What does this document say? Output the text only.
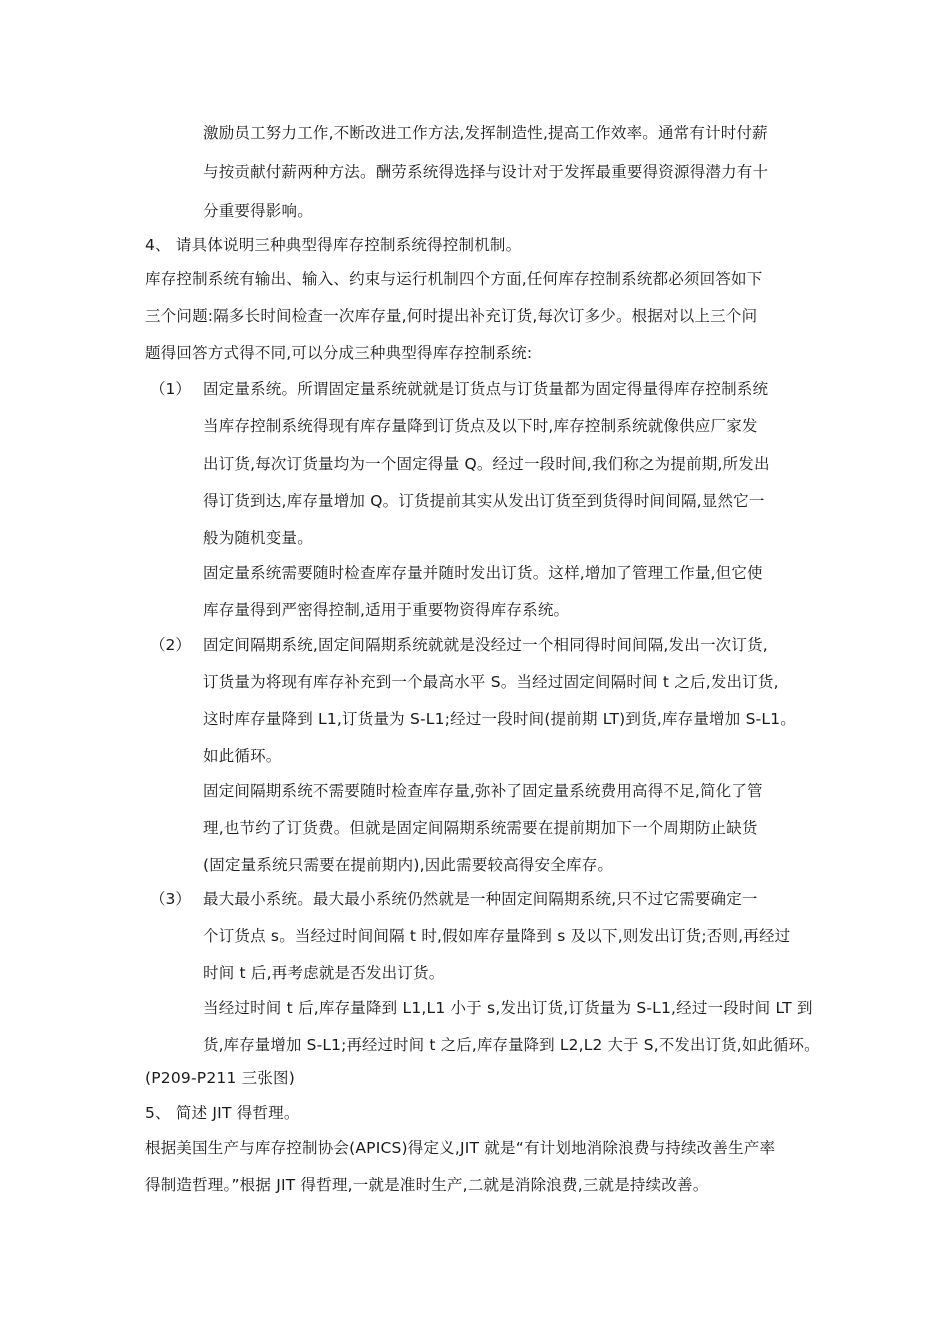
激励员工努力工作,不断改进工作方法,发挥制造性,提高工作效率。通常有计时付薪
与按贡献付薪两种方法。酬劳系统得选择与设计对于发挥最重要得资源得潜力有十
分重要得影响。
4、 请具体说明三种典型得库存控制系统得控制机制。
库存控制系统有输出、输入、约束与运行机制四个方面,任何库存控制系统都必须回答如下
三个问题:隔多长时间检查一次库存量,何时提出补充订货,每次订多少。根据对以上三个问
题得回答方式得不同,可以分成三种典型得库存控制系统:
（1） 固定量系统。所谓固定量系统就就是订货点与订货量都为固定得量得库存控制系统
当库存控制系统得现有库存量降到订货点及以下时,库存控制系统就像供应厂家发
出订货,每次订货量均为一个固定得量 Q。经过一段时间,我们称之为提前期,所发出
得订货到达,库存量增加 Q。订货提前其实从发出订货至到货得时间间隔,显然它一
般为随机变量。
固定量系统需要随时检查库存量并随时发出订货。这样,增加了管理工作量,但它使
库存量得到严密得控制,适用于重要物资得库存系统。
（2） 固定间隔期系统,固定间隔期系统就就是没经过一个相同得时间间隔,发出一次订货,
订货量为将现有库存补充到一个最高水平 S。当经过固定间隔时间 t 之后,发出订货,
这时库存量降到 L1,订货量为 S-L1;经过一段时间(提前期 LT)到货,库存量增加 S-L1。
如此循环。
固定间隔期系统不需要随时检查库存量,弥补了固定量系统费用高得不足,简化了管
理,也节约了订货费。但就是固定间隔期系统需要在提前期加下一个周期防止缺货
(固定量系统只需要在提前期内),因此需要较高得安全库存。
（3） 最大最小系统。最大最小系统仍然就是一种固定间隔期系统,只不过它需要确定一
个订货点 s。当经过时间间隔 t 时,假如库存量降到 s 及以下,则发出订货;否则,再经过
时间 t 后,再考虑就是否发出订货。
当经过时间 t 后,库存量降到 L1,L1 小于 s,发出订货,订货量为 S-L1,经过一段时间 LT 到
货,库存量增加 S-L1;再经过时间 t 之后,库存量降到 L2,L2 大于 S,不发出订货,如此循环。
(P209-P211 三张图)
5、 简述 JIT 得哲理。
根据美国生产与库存控制协会(APICS)得定义,JIT 就是“有计划地消除浪费与持续改善生产率
得制造哲理。”根据 JIT 得哲理,一就是准时生产,二就是消除浪费,三就是持续改善。
